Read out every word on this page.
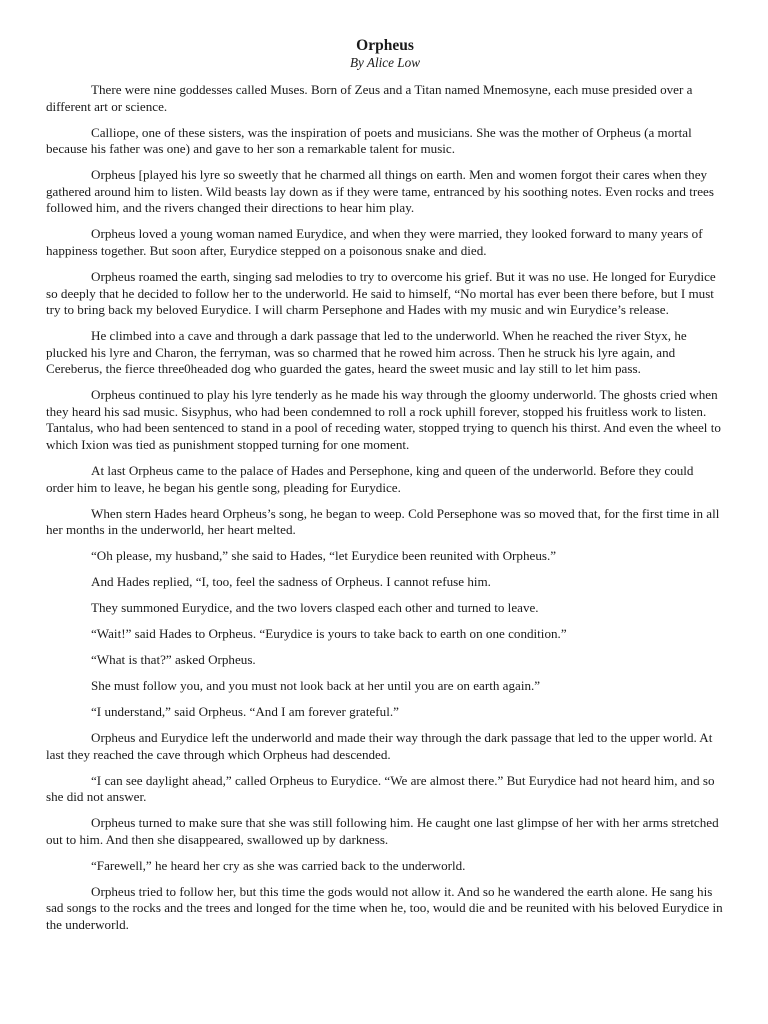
Orpheus
By Alice Low

There were nine goddesses called Muses. Born of Zeus and a Titan named Mnemosyne, each muse presided over a different art or science.

Calliope, one of these sisters, was the inspiration of poets and musicians. She was the mother of Orpheus (a mortal because his father was one) and gave to her son a remarkable talent for music.

Orpheus [played his lyre so sweetly that he charmed all things on earth. Men and women forgot their cares when they gathered around him to listen. Wild beasts lay down as if they were tame, entranced by his soothing notes. Even rocks and trees followed him, and the rivers changed their directions to hear him play.

Orpheus loved a young woman named Eurydice, and when they were married, they looked forward to many years of happiness together. But soon after, Eurydice stepped on a poisonous snake and died.

Orpheus roamed the earth, singing sad melodies to try to overcome his grief. But it was no use. He longed for Eurydice so deeply that he decided to follow her to the underworld. He said to himself, “No mortal has ever been there before, but I must try to bring back my beloved Eurydice. I will charm Persephone and Hades with my music and win Eurydice’s release.

He climbed into a cave and through a dark passage that led to the underworld. When he reached the river Styx, he plucked his lyre and Charon, the ferryman, was so charmed that he rowed him across. Then he struck his lyre again, and Cereberus, the fierce three0headed dog who guarded the gates, heard the sweet music and lay still to let him pass.

Orpheus continued to play his lyre tenderly as he made his way through the gloomy underworld. The ghosts cried when they heard his sad music. Sisyphus, who had been condemned to roll a rock uphill forever, stopped his fruitless work to listen. Tantalus, who had been sentenced to stand in a pool of receding water, stopped trying to quench his thirst. And even the wheel to which Ixion was tied as punishment stopped turning for one moment.

At last Orpheus came to the palace of Hades and Persephone, king and queen of the underworld. Before they could order him to leave, he began his gentle song, pleading for Eurydice.

When stern Hades heard Orpheus’s song, he began to weep. Cold Persephone was so moved that, for the first time in all her months in the underworld, her heart melted.

“Oh please, my husband,” she said to Hades, “let Eurydice been reunited with Orpheus.”

And Hades replied, “I, too, feel the sadness of Orpheus. I cannot refuse him.

They summoned Eurydice, and the two lovers clasped each other and turned to leave.

“Wait!” said Hades to Orpheus. “Eurydice is yours to take back to earth on one condition.”

“What is that?” asked Orpheus.

She must follow you, and you must not look back at her until you are on earth again.”

“I understand,” said Orpheus. “And I am forever grateful.”

Orpheus and Eurydice left the underworld and made their way through the dark passage that led to the upper world. At last they reached the cave through which Orpheus had descended.

“I can see daylight ahead,” called Orpheus to Eurydice. “We are almost there.” But Eurydice had not heard him, and so she did not answer.

Orpheus turned to make sure that she was still following him. He caught one last glimpse of her with her arms stretched out to him. And then she disappeared, swallowed up by darkness.

“Farewell,” he heard her cry as she was carried back to the underworld.

Orpheus tried to follow her, but this time the gods would not allow it. And so he wandered the earth alone. He sang his sad songs to the rocks and the trees and longed for the time when he, too, would die and be reunited with his beloved Eurydice in the underworld.
